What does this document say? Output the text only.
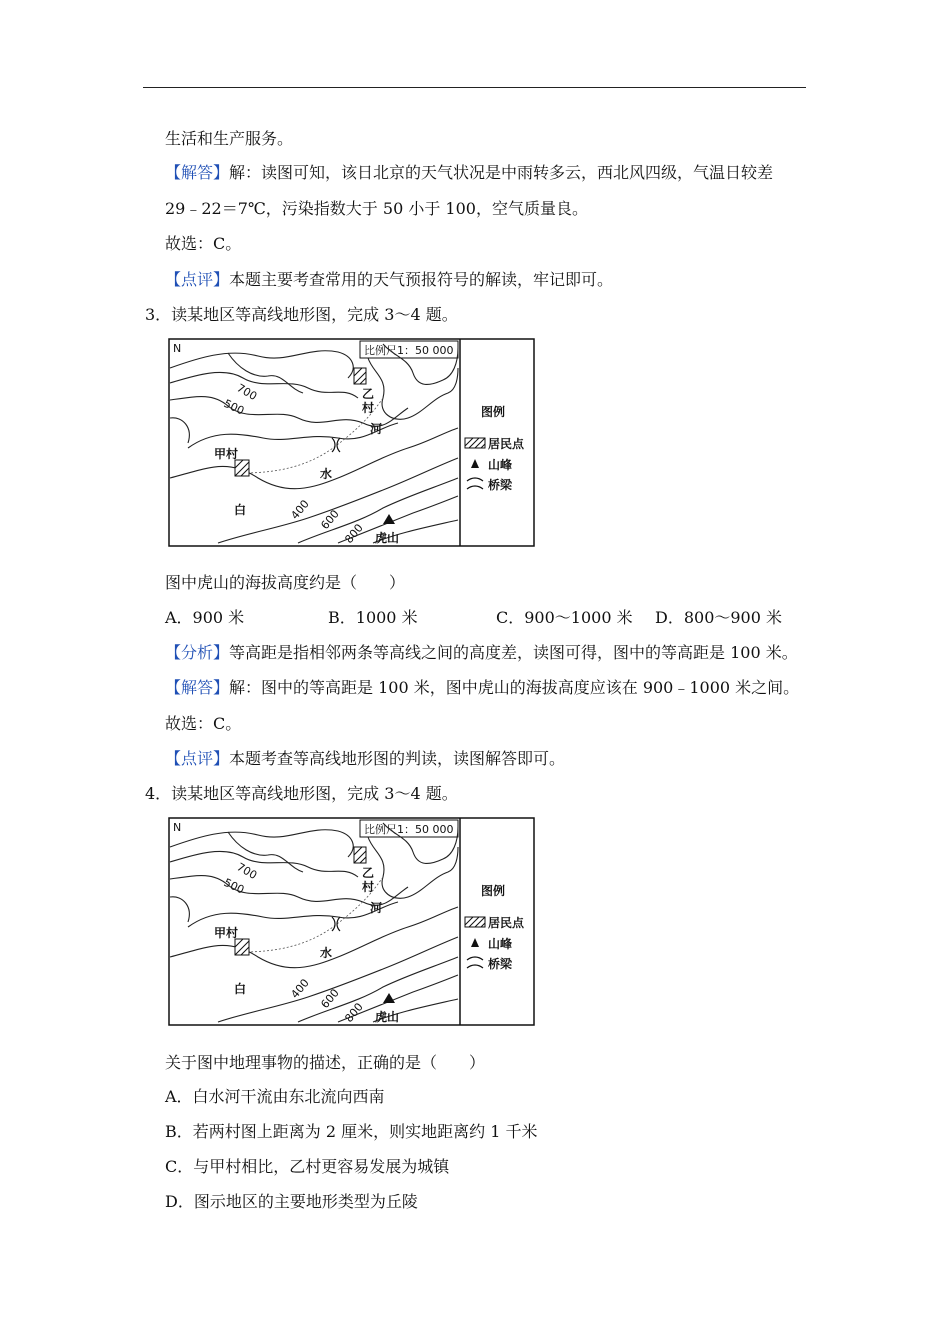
生活和生产服务。
【解答】解：读图可知，该日北京的天气状况是中雨转多云，西北风四级，气温日较差
29﹣22＝7℃，污染指数大于 50 小于 100，空气质量良。
故选：C。
【点评】本题主要考查常用的天气预报符号的解读，牢记即可。
3．读某地区等高线地形图，完成 3～4 题。
比例尺1：50 000
N
700
500
400 600
800
甲村
乙
村
虎山
白
水
河
图例
居民点
山峰
桥梁
图中虎山的海拔高度约是（　　）
A．900 米	B．1000 米	C．900～1000 米 D．800～900 米
【分析】等高距是指相邻两条等高线之间的高度差，读图可得，图中的等高距是 100 米。
【解答】解：图中的等高距是 100 米，图中虎山的海拔高度应该在 900﹣1000 米之间。
故选：C。
【点评】本题考查等高线地形图的判读，读图解答即可。
4．读某地区等高线地形图，完成 3～4 题。
比例尺1：50 000
N
700
500
400 600
800
甲村
乙
村
虎山
白
水
河
图例
居民点
山峰
桥梁
关于图中地理事物的描述，正确的是（　　）
A．白水河干流由东北流向西南
B．若两村图上距离为 2 厘米，则实地距离约 1 千米
C．与甲村相比，乙村更容易发展为城镇
D．图示地区的主要地形类型为丘陵
